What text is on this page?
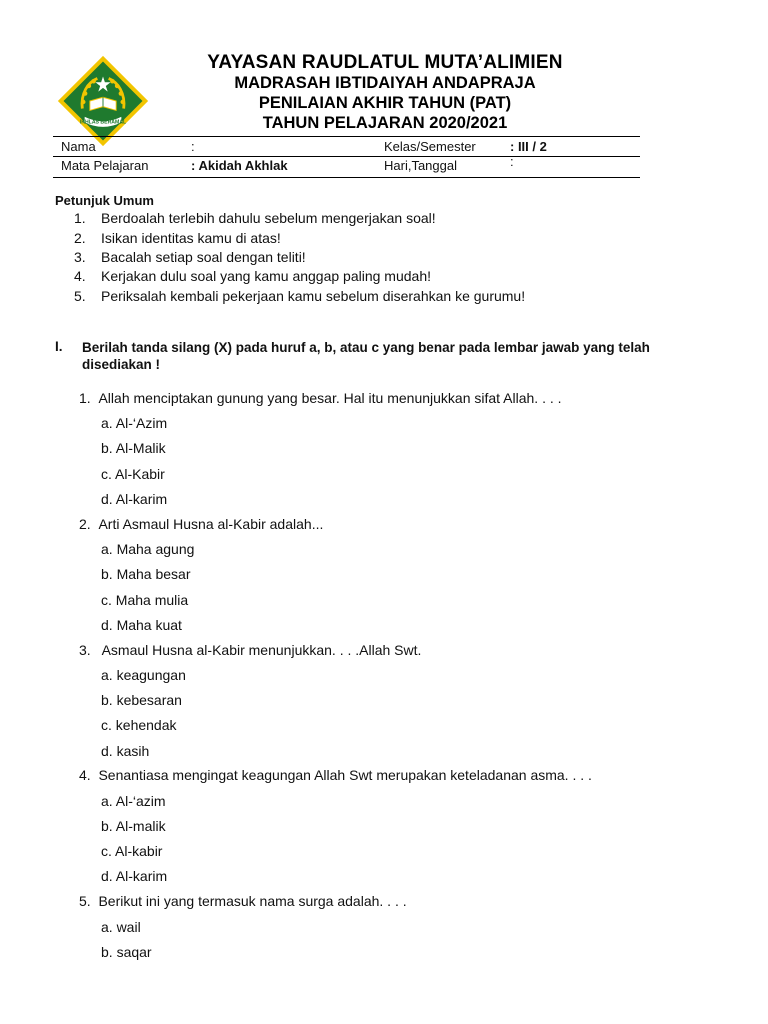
IKHLAS BERAMAL
YAYASAN RAUDLATUL MUTA’ALIMIEN
MADRASAH IBTIDAIYAH ANDAPRAJA
PENILAIAN AKHIR TAHUN (PAT)
TAHUN PELAJARAN 2020/2021
Nama	:	Kelas/Semester	: III / 2
Mata Pelajaran	: Akidah Akhlak	Hari,Tanggal	:
Petunjuk Umum
1. Berdoalah terlebih dahulu sebelum mengerjakan soal!
2. Isikan identitas kamu di atas!
3. Bacalah setiap soal dengan teliti!
4. Kerjakan dulu soal yang kamu anggap paling mudah!
5. Periksalah kembali pekerjaan kamu sebelum diserahkan ke gurumu!
I. Berilah tanda silang (X) pada huruf a, b, atau c yang benar pada lembar jawab yang telah disediakan !
1. Allah menciptakan gunung yang besar. Hal itu menunjukkan sifat Allah. . . .
a. Al-‘Azim
b. Al-Malik
c. Al-Kabir
d. Al-karim
2. Arti Asmaul Husna al-Kabir adalah...
a. Maha agung
b. Maha besar
c. Maha mulia
d. Maha kuat
3.   Asmaul Husna al-Kabir menunjukkan. . . .Allah Swt.
a. keagungan
b. kebesaran
c. kehendak
d. kasih
4. Senantiasa mengingat keagungan Allah Swt merupakan keteladanan asma. . . .
a. Al-‘azim
b. Al-malik
c. Al-kabir
d. Al-karim
5. Berikut ini yang termasuk nama surga adalah. . . .
a. wail
b. saqar
